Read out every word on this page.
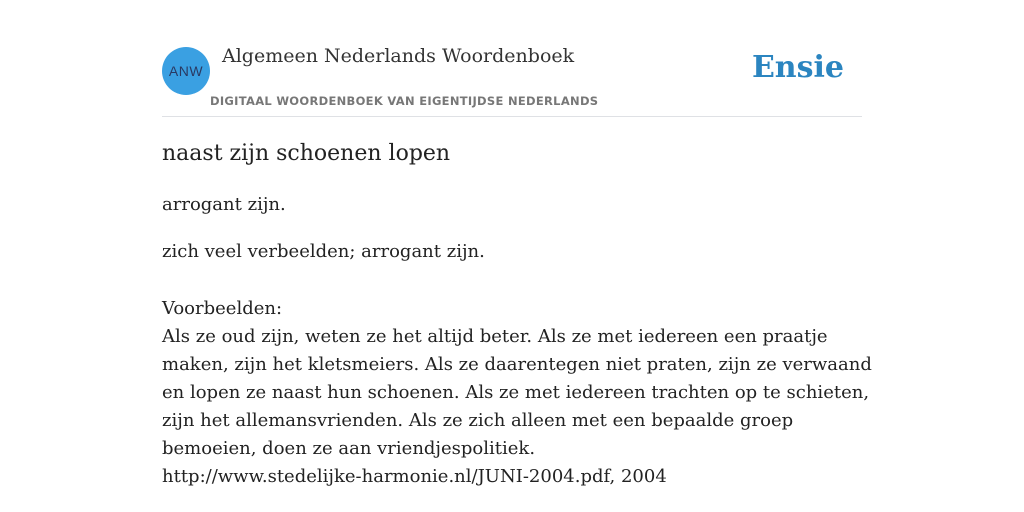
ANW
Algemeen Nederlands Woordenboek
DIGITAAL WOORDENBOEK VAN EIGENTIJDSE NEDERLANDS
Ensie
naast zijn schoenen lopen
arrogant zijn.
zich veel verbeelden; arrogant zijn.

Voorbeelden:

Als ze oud zijn, weten ze het altijd beter. Als ze met iedereen een praatje maken, zijn het kletsmeiers. Als ze daarentegen niet praten, zijn ze verwaand en lopen ze naast hun schoenen. Als ze met iedereen trachten op te schieten, zijn het allemansvrienden. Als ze zich alleen met een bepaalde groep bemoeien, doen ze aan vriendjespolitiek.

http://www.stedelijke-harmonie.nl/JUNI-2004.pdf, 2004
